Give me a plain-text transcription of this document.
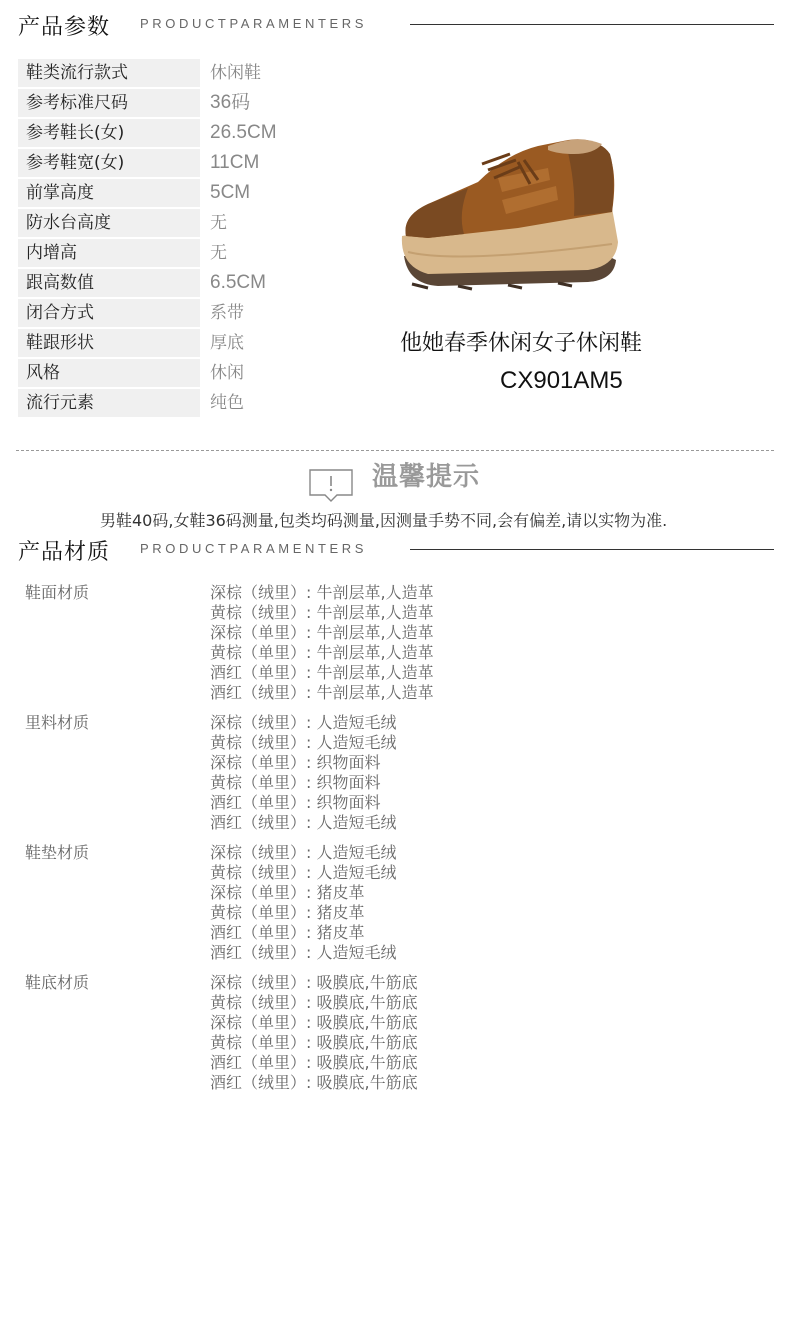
产品参数 PRODUCTPARAMENTERS
鞋类流行款式	休闲鞋
参考标准尺码	36码
参考鞋长(女)	26.5CM
参考鞋宽(女)	11CM
前掌高度	5CM
防水台高度	无
内增高	无
跟高数值	6.5CM
闭合方式	系带
鞋跟形状	厚底
风格	休闲
流行元素	纯色
他她春季休闲女子休闲鞋
CX901AM5
温馨提示
男鞋40码,女鞋36码测量,包类均码测量,因测量手势不同,会有偏差,请以实物为准.
产品材质 PRODUCTPARAMENTERS
鞋面材质	深棕（绒里）: 牛剖层革,人造革
黄棕（绒里）: 牛剖层革,人造革
深棕（单里）: 牛剖层革,人造革
黄棕（单里）: 牛剖层革,人造革
酒红（单里）: 牛剖层革,人造革
酒红（绒里）: 牛剖层革,人造革
里料材质	深棕（绒里）: 人造短毛绒
黄棕（绒里）: 人造短毛绒
深棕（单里）: 织物面料
黄棕（单里）: 织物面料
酒红（单里）: 织物面料
酒红（绒里）: 人造短毛绒
鞋垫材质	深棕（绒里）: 人造短毛绒
黄棕（绒里）: 人造短毛绒
深棕（单里）: 猪皮革
黄棕（单里）: 猪皮革
酒红（单里）: 猪皮革
酒红（绒里）: 人造短毛绒
鞋底材质	深棕（绒里）: 吸膜底,牛筋底
黄棕（绒里）: 吸膜底,牛筋底
深棕（单里）: 吸膜底,牛筋底
黄棕（单里）: 吸膜底,牛筋底
酒红（单里）: 吸膜底,牛筋底
酒红（绒里）: 吸膜底,牛筋底
